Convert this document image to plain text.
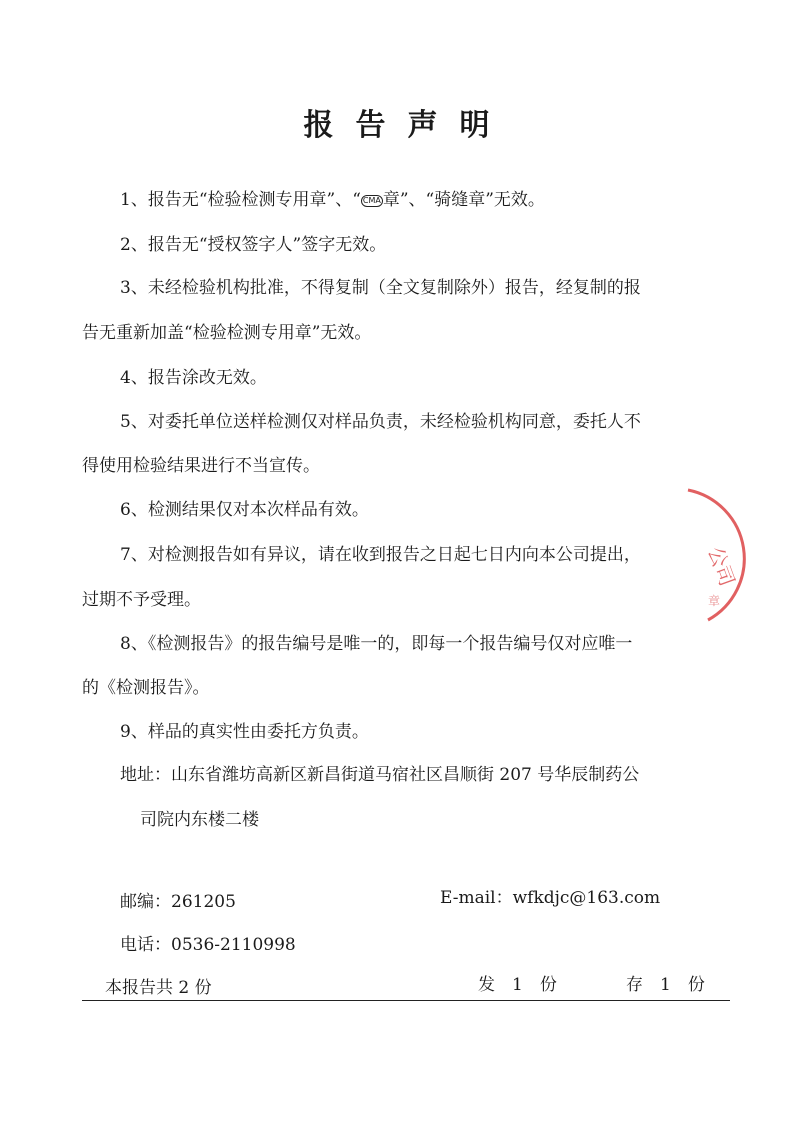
报告声明
1、报告无“检验检测专用章”、“ CMA 章”、“骑缝章”无效。
2、报告无“授权签字人”签字无效。
3、未经检验机构批准，不得复制（全文复制除外）报告，经复制的报
告无重新加盖“检验检测专用章”无效。
4、报告涂改无效。
5、对委托单位送样检测仅对样品负责，未经检验机构同意，委托人不
得使用检验结果进行不当宣传。
6、检测结果仅对本次样品有效。
7、对检测报告如有异议，请在收到报告之日起七日内向本公司提出，
过期不予受理。
8、《检测报告》的报告编号是唯一的，即每一个报告编号仅对应唯一
的《检测报告》。
9、样品的真实性由委托方负责。
地址：山东省潍坊高新区新昌街道马宿社区昌顺街 207 号华辰制药公
司院内东楼二楼
邮编：261205	E-mail：wfkdjc@163.com
电话：0536-2110998
本报告共 2 份	发　1　份	存　1　份
公司
章
